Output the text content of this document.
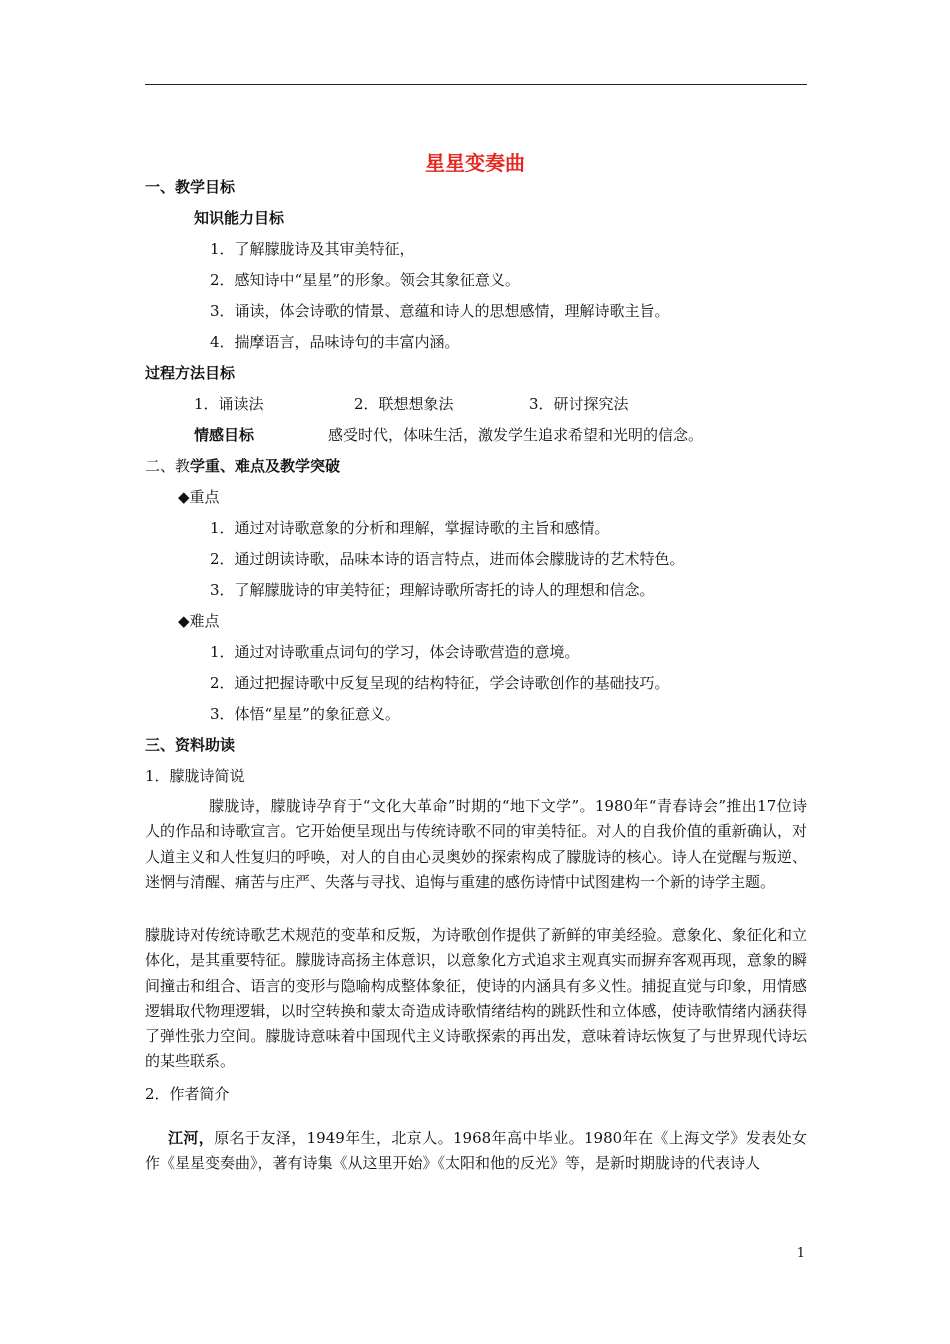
星星变奏曲
一、教学目标
知识能力目标
1．了解朦胧诗及其审美特征，
2．感知诗中“星星”的形象。领会其象征意义。
3．诵读，体会诗歌的情景、意蕴和诗人的思想感情，理解诗歌主旨。
4．揣摩语言，品味诗句的丰富内涵。
过程方法目标
1．诵读法	2．联想想象法	3．研讨探究法
情感目标	感受时代，体味生活，激发学生追求希望和光明的信念。
二、教学重、难点及教学突破
◆重点
1．通过对诗歌意象的分析和理解，掌握诗歌的主旨和感情。
2．通过朗读诗歌，品味本诗的语言特点，进而体会朦胧诗的艺术特色。
3．了解朦胧诗的审美特征；理解诗歌所寄托的诗人的理想和信念。
◆难点
1．通过对诗歌重点词句的学习，体会诗歌营造的意境。
2．通过把握诗歌中反复呈现的结构特征，学会诗歌创作的基础技巧。
3．体悟“星星”的象征意义。
三、资料助读
1．朦胧诗简说

朦胧诗，朦胧诗孕育于“文化大革命”时期的“地下文学”。1980年“青春诗会”推出17位诗人的作品和诗歌宣言。它开始便呈现出与传统诗歌不同的审美特征。对人的自我价值的重新确认，对人道主义和人性复归的呼唤，对人的自由心灵奥妙的探索构成了朦胧诗的核心。诗人在觉醒与叛逆、迷惘与清醒、痛苦与庄严、失落与寻找、追悔与重建的感伤诗情中试图建构一个新的诗学主题。

朦胧诗对传统诗歌艺术规范的变革和反叛，为诗歌创作提供了新鲜的审美经验。意象化、象征化和立体化，是其重要特征。朦胧诗高扬主体意识，以意象化方式追求主观真实而摒弃客观再现，意象的瞬间撞击和组合、语言的变形与隐喻构成整体象征，使诗的内涵具有多义性。捕捉直觉与印象，用情感逻辑取代物理逻辑，以时空转换和蒙太奇造成诗歌情绪结构的跳跃性和立体感，使诗歌情绪内涵获得了弹性张力空间。朦胧诗意味着中国现代主义诗歌探索的再出发，意味着诗坛恢复了与世界现代诗坛的某些联系。

2．作者简介

江河，原名于友泽，1949年生，北京人。1968年高中毕业。1980年在《上海文学》发表处女作《星星变奏曲》，著有诗集《从这里开始》《太阳和他的反光》等，是新时期胧诗的代表诗人

1
